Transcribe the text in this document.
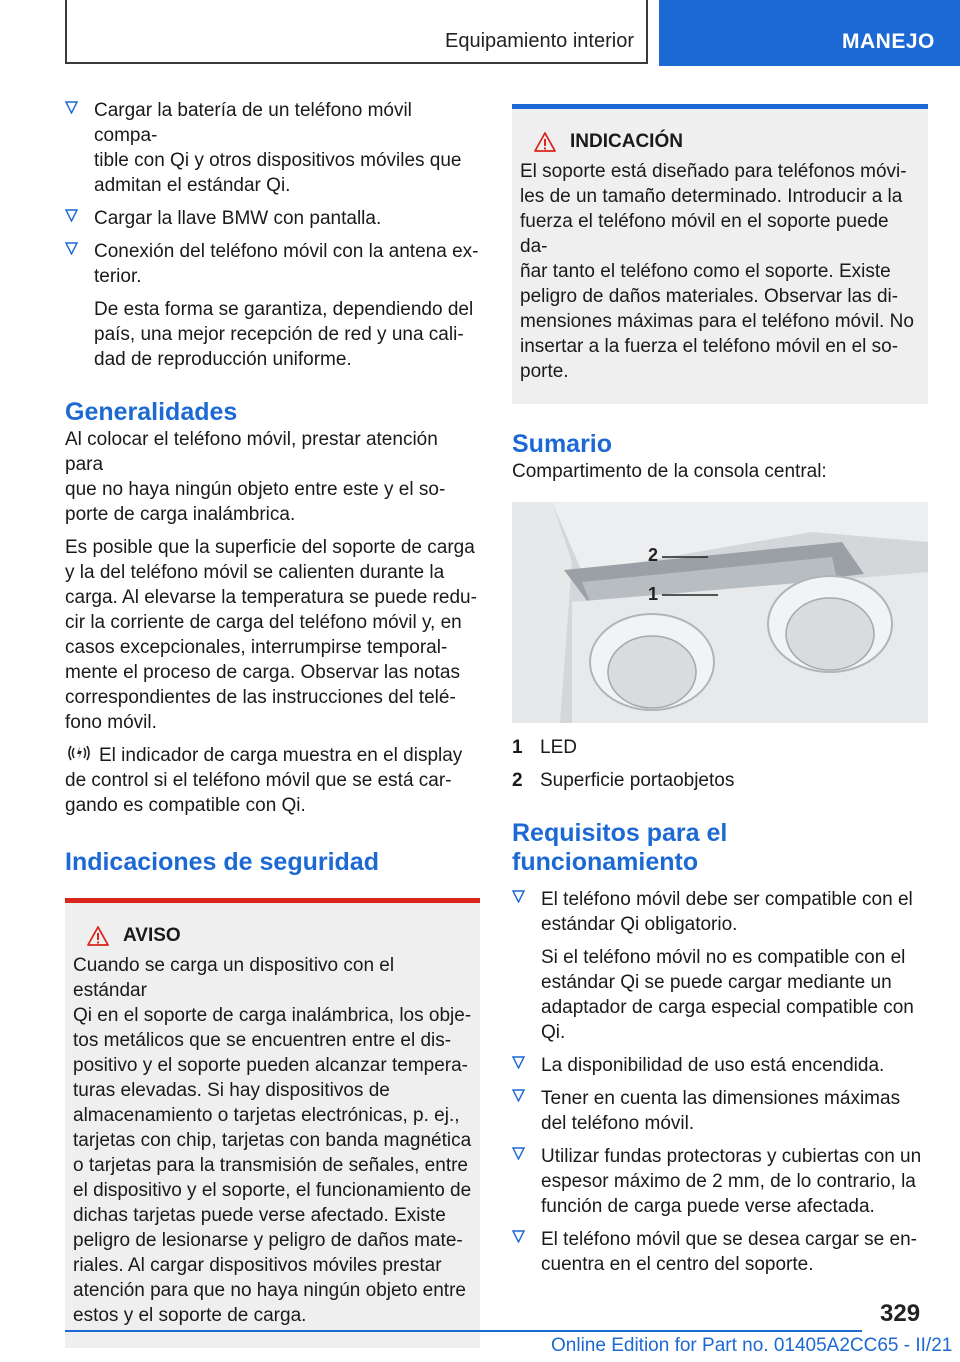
Equipamiento interior	MANEJO

Cargar la batería de un teléfono móvil compa-
tible con Qi y otros dispositivos móviles que
admitan el estándar Qi.

Cargar la llave BMW con pantalla.

Conexión del teléfono móvil con la antena ex-
terior.

De esta forma se garantiza, dependiendo del
país, una mejor recepción de red y una cali-
dad de reproducción uniforme.

Generalidades

Al colocar el teléfono móvil, prestar atención para
que no haya ningún objeto entre este y el so-
porte de carga inalámbrica.

Es posible que la superficie del soporte de carga
y la del teléfono móvil se calienten durante la
carga. Al elevarse la temperatura se puede redu-
cir la corriente de carga del teléfono móvil y, en
casos excepcionales, interrumpirse temporal-
mente el proceso de carga. Observar las notas
correspondientes de las instrucciones del telé-
fono móvil.

El indicador de carga muestra en el display
de control si el teléfono móvil que se está car-
gando es compatible con Qi.

Indicaciones de seguridad
AVISO

Cuando se carga un dispositivo con el estándar
Qi en el soporte de carga inalámbrica, los obje-
tos metálicos que se encuentren entre el dis-
positivo y el soporte pueden alcanzar tempera-
turas elevadas. Si hay dispositivos de
almacenamiento o tarjetas electrónicas, p. ej.,
tarjetas con chip, tarjetas con banda magnética
o tarjetas para la transmisión de señales, entre
el dispositivo y el soporte, el funcionamiento de
dichas tarjetas puede verse afectado. Existe
peligro de lesionarse y peligro de daños mate-
riales. Al cargar dispositivos móviles prestar
atención para que no haya ningún objeto entre
estos y el soporte de carga.

INDICACIÓN

El soporte está diseñado para teléfonos móvi-
les de un tamaño determinado. Introducir a la
fuerza el teléfono móvil en el soporte puede da-
ñar tanto el teléfono como el soporte. Existe
peligro de daños materiales. Observar las di-
mensiones máximas para el teléfono móvil. No
insertar a la fuerza el teléfono móvil en el so-
porte.

Sumario

Compartimento de la consola central:

2
1
1 LED
2 Superficie portaobjetos
Requisitos para el
funcionamiento

El teléfono móvil debe ser compatible con el
estándar Qi obligatorio.

Si el teléfono móvil no es compatible con el
estándar Qi se puede cargar mediante un
adaptador de carga especial compatible con
Qi.

La disponibilidad de uso está encendida.

Tener en cuenta las dimensiones máximas
del teléfono móvil.

Utilizar fundas protectoras y cubiertas con un
espesor máximo de 2 mm, de lo contrario, la
función de carga puede verse afectada.

El teléfono móvil que se desea cargar se en-
cuentra en el centro del soporte.

329
Online Edition for Part no. 01405A2CC65 - II/21
